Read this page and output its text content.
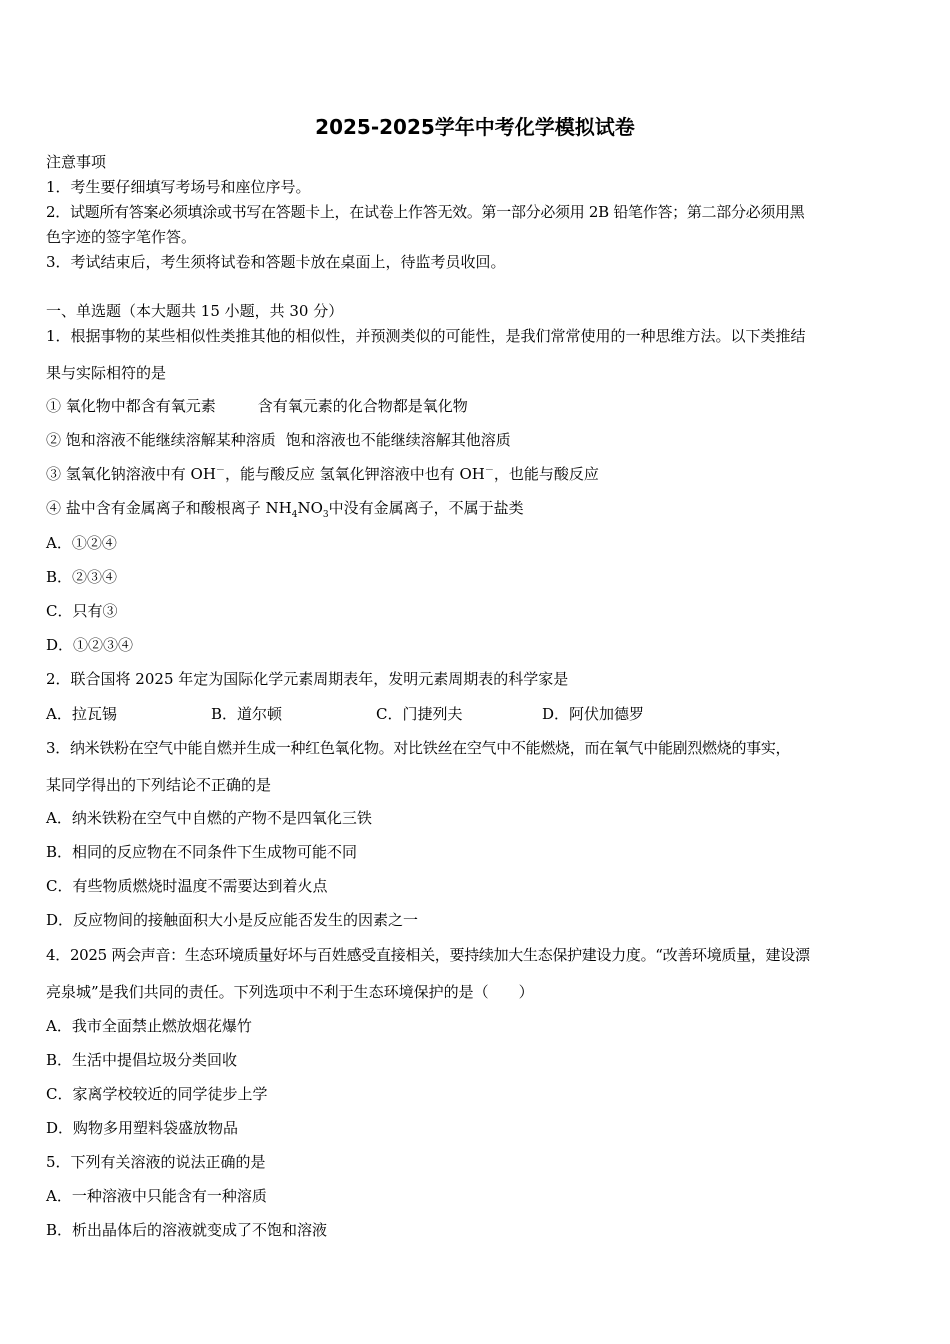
2025-2025学年中考化学模拟试卷
注意事项
1．考生要仔细填写考场号和座位序号。
2．试题所有答案必须填涂或书写在答题卡上，在试卷上作答无效。第一部分必须用 2B 铅笔作答；第二部分必须用黑
色字迹的签字笔作答。
3．考试结束后，考生须将试卷和答题卡放在桌面上，待监考员收回。
一、单选题（本大题共 15 小题，共 30 分）
1．根据事物的某些相似性类推其他的相似性，并预测类似的可能性，是我们常常使用的一种思维方法。以下类推结
果与实际相符的是
① 氧化物中都含有氧元素	含有氧元素的化合物都是氧化物
② 饱和溶液不能继续溶解某种溶质 饱和溶液也不能继续溶解其他溶质
③ 氢氧化钠溶液中有 OH－，能与酸反应 氢氧化钾溶液中也有 OH－，也能与酸反应
④ 盐中含有金属离子和酸根离子 $NH_4NO_3$中没有金属离子，不属于盐类
A．①②④
B．②③④
C．只有③
D．①②③④
2．联合国将 2025 年定为国际化学元素周期表年，发明元素周期表的科学家是
A．拉瓦锡	B．道尔顿	C．门捷列夫	D．阿伏加德罗
3．纳米铁粉在空气中能自燃并生成一种红色氧化物。对比铁丝在空气中不能燃烧，而在氧气中能剧烈燃烧的事实，
某同学得出的下列结论不正确的是
A．纳米铁粉在空气中自燃的产物不是四氧化三铁
B．相同的反应物在不同条件下生成物可能不同
C．有些物质燃烧时温度不需要达到着火点
D．反应物间的接触面积大小是反应能否发生的因素之一
4．2025 两会声音：生态环境质量好坏与百姓感受直接相关，要持续加大生态保护建设力度。“改善环境质量，建设漂
亮泉城”是我们共同的责任。下列选项中不利于生态环境保护的是（　　）
A．我市全面禁止燃放烟花爆竹
B．生活中提倡垃圾分类回收
C．家离学校较近的同学徒步上学
D．购物多用塑料袋盛放物品
5．下列有关溶液的说法正确的是
A．一种溶液中只能含有一种溶质
B．析出晶体后的溶液就变成了不饱和溶液
